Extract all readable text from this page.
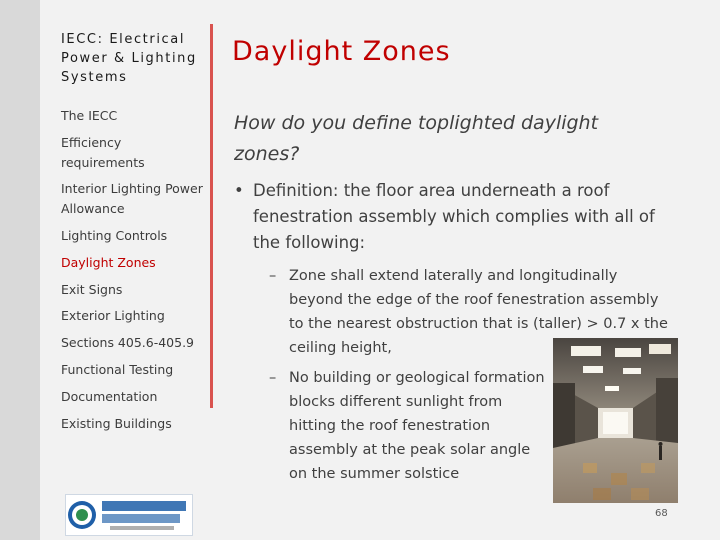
IECC: Electrical Power & Lighting Systems
The IECC
Efficiency requirements
Interior Lighting Power Allowance
Lighting Controls
Daylight Zones
Exit Signs
Exterior Lighting
Sections 405.6-405.9
Functional Testing
Documentation
Existing Buildings
Daylight Zones
How do you define toplighted daylight zones?
• Definition: the floor area underneath a roof fenestration assembly which complies with all of the following:
– Zone shall extend laterally and longitudinally beyond the edge of the roof fenestration assembly to the nearest obstruction that is (taller) > 0.7 x the ceiling height,
– No building or geological formation blocks different sunlight from hitting the roof fenestration assembly at the peak solar angle on the summer solstice
68
